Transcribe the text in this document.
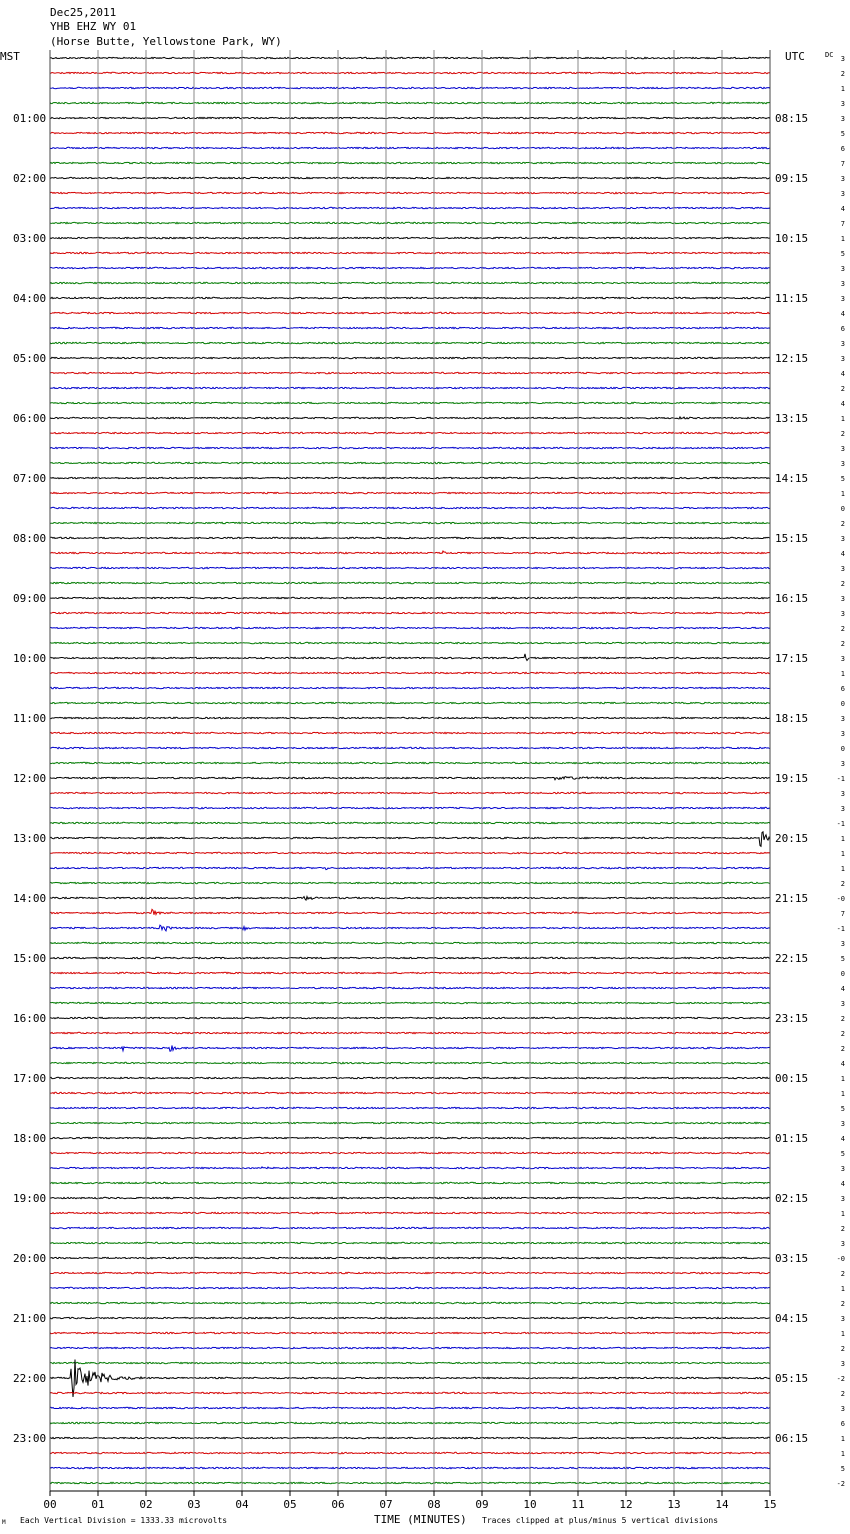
Dec25,2011
YHB EHZ WY 01
(Horse Butte, Yellowstone Park, WY)
MST	UTC	DC
01:00
02:00
03:00
04:00
05:00
06:00
07:00
08:00
09:00
10:00
11:00
12:00
13:00
14:00
15:00
16:00
17:00
18:00
19:00
20:00
21:00
22:00
23:00
08:15
09:15
10:15
11:15
12:15
13:15
14:15
15:15
16:15
17:15
18:15
19:15
20:15
21:15
22:15
23:15
00:15
01:15
02:15
03:15
04:15
05:15
06:15
3
2
1
3
3
5
6
7
3
3
4
7
1
5
3
3
3
4
6
3
3
4
2
4
1
2
3
3
5
1
0
2
3
4
3
2
3
3
2
2
3
1
6
0
3
3
0
3
-1
3
3
-1
1
1
1
2
-0
7
-1
3
5
0
4
3
2
2
2
4
1
1
5
3
4
5
3
4
3
1
2
3
-0
2
1
2
3
1
2
3
-2
2
3
6
1
1
5
-2
00	01	02	03	04	05	06	07	08	09	10	11	12	13	14	15
M Each Vertical Division = 1333.33 microvolts	TIME (MINUTES) Traces clipped at plus/minus 5 vertical divisions
